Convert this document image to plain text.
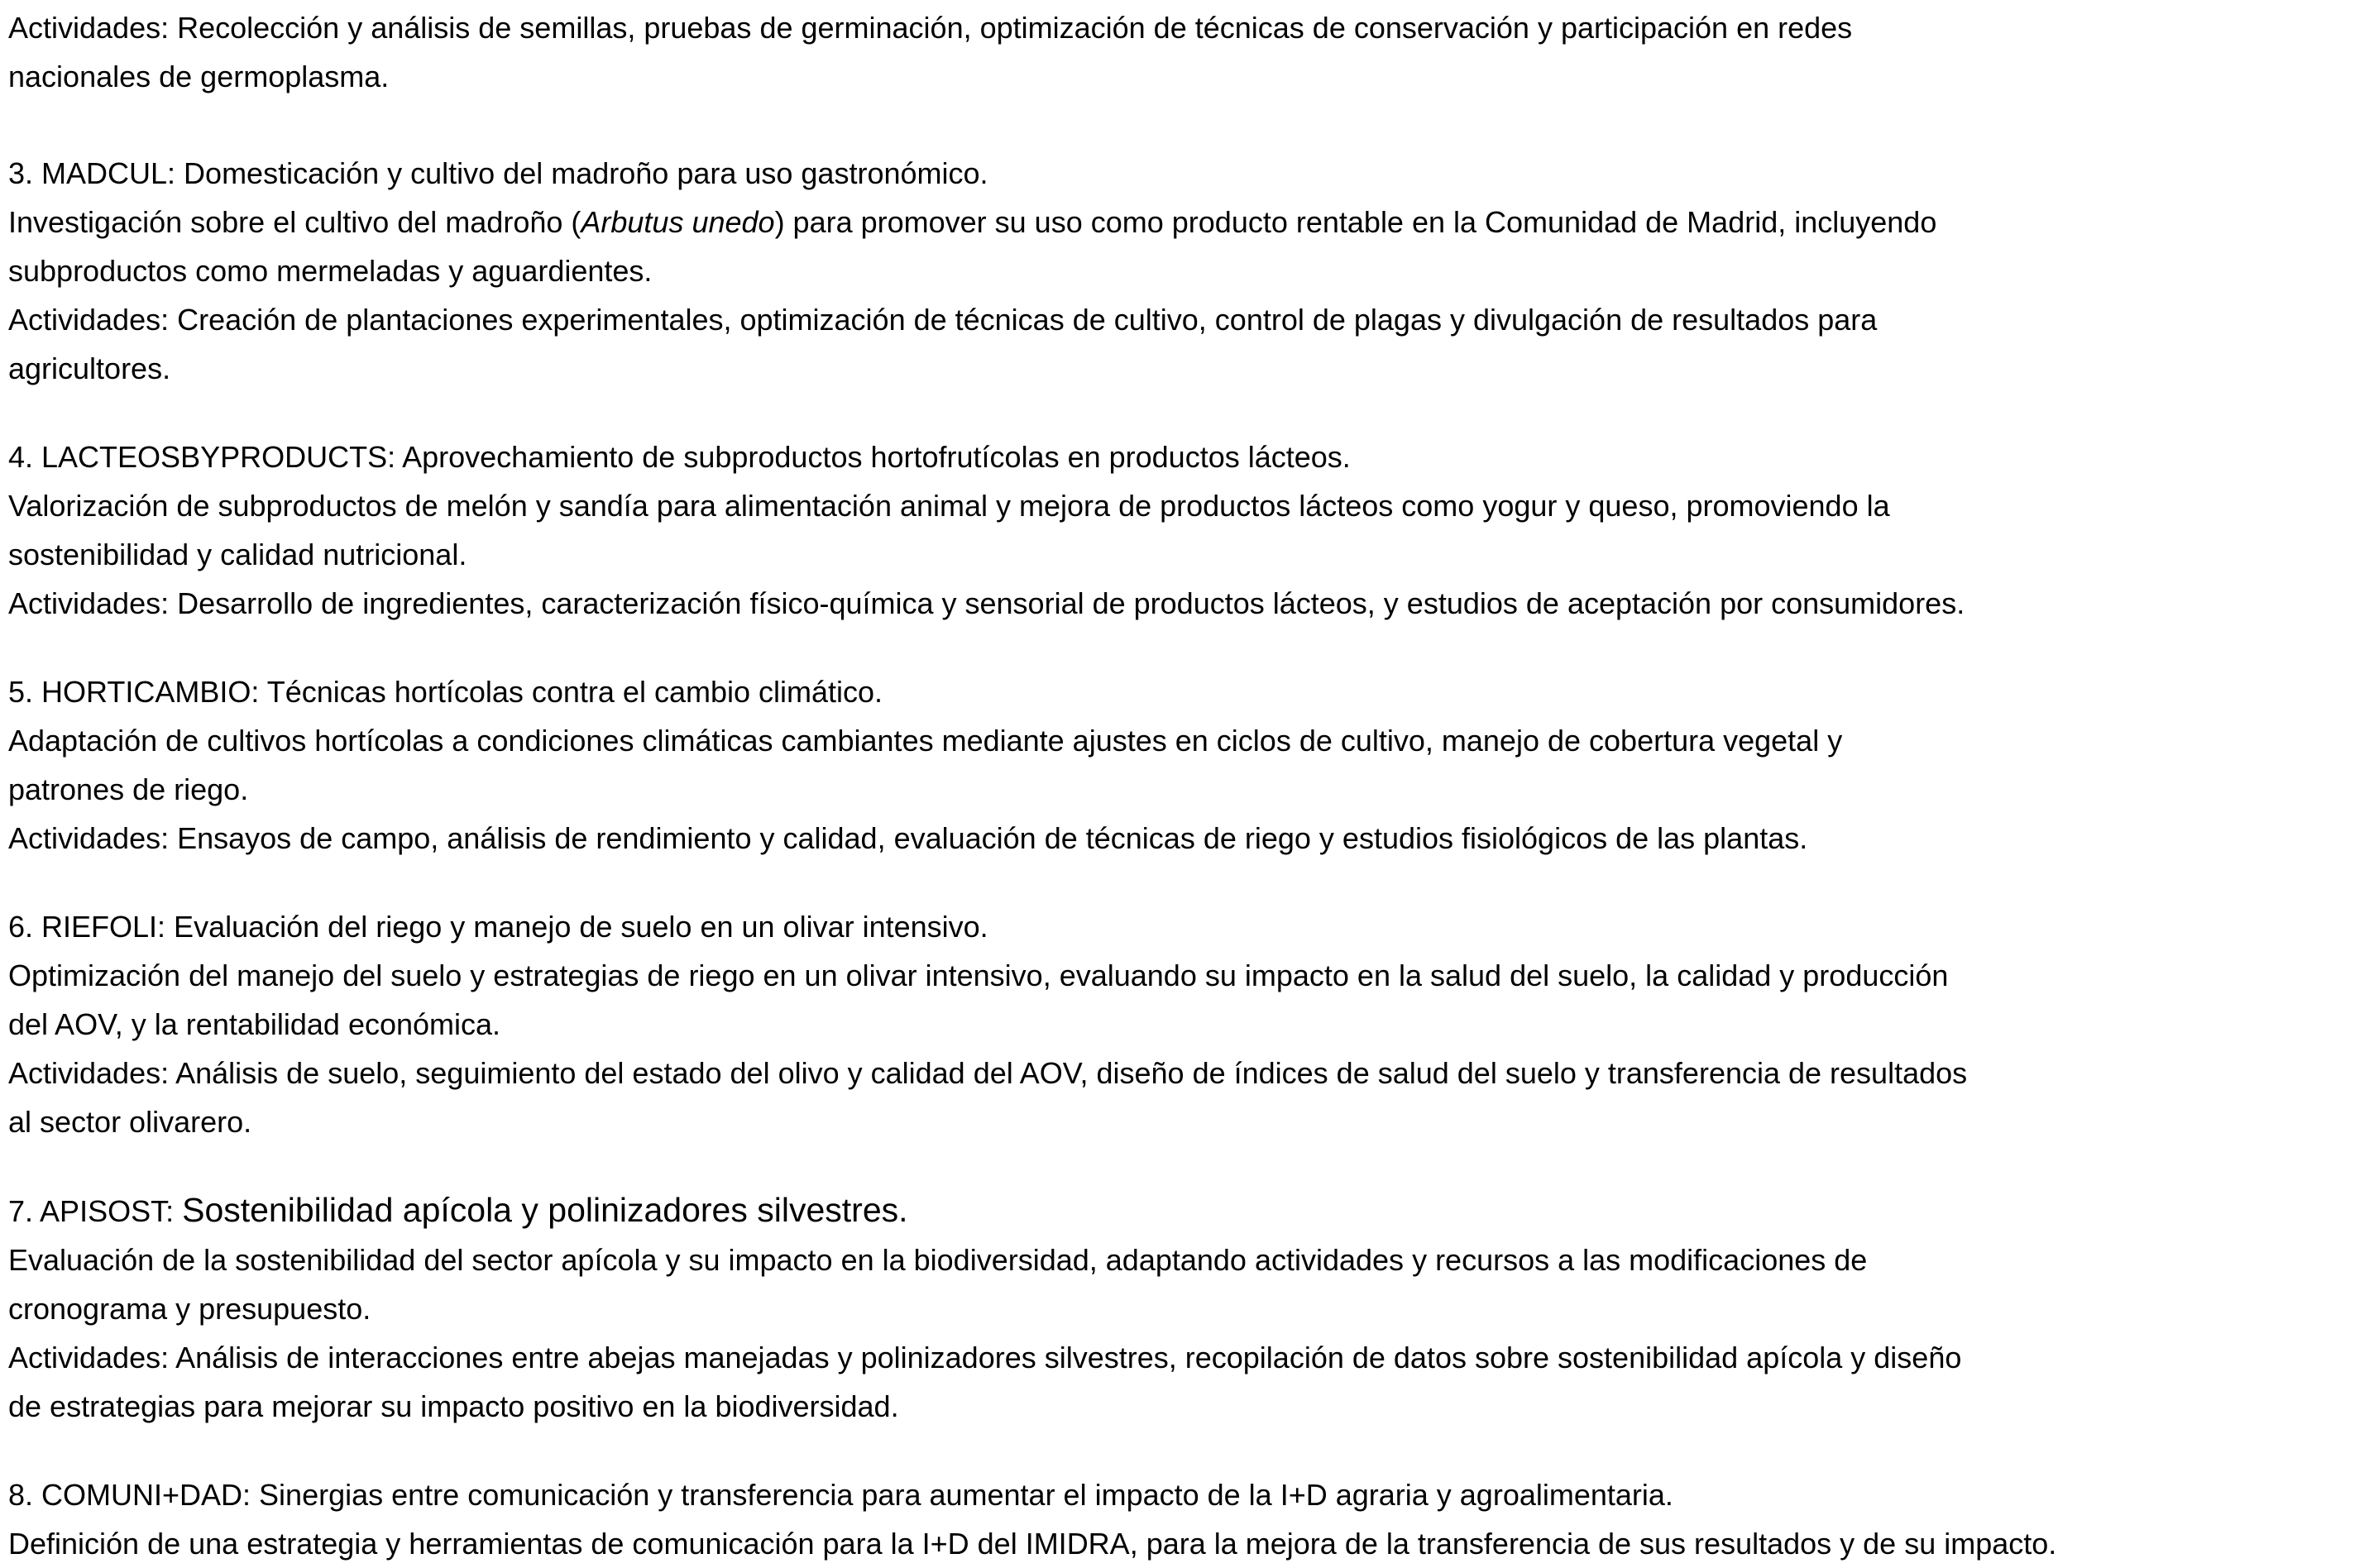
Actividades: Recolección y análisis de semillas, pruebas de germinación, optimización de técnicas de conservación y participación en redes
nacionales de germoplasma.
3. MADCUL: Domesticación y cultivo del madroño para uso gastronómico.
Investigación sobre el cultivo del madroño (Arbutus unedo) para promover su uso como producto rentable en la Comunidad de Madrid, incluyendo
subproductos como mermeladas y aguardientes.
Actividades: Creación de plantaciones experimentales, optimización de técnicas de cultivo, control de plagas y divulgación de resultados para
agricultores.
4. LACTEOSBYPRODUCTS: Aprovechamiento de subproductos hortofrutícolas en productos lácteos.
Valorización de subproductos de melón y sandía para alimentación animal y mejora de productos lácteos como yogur y queso, promoviendo la
sostenibilidad y calidad nutricional.
Actividades: Desarrollo de ingredientes, caracterización físico-química y sensorial de productos lácteos, y estudios de aceptación por consumidores.
5. HORTICAMBIO: Técnicas hortícolas contra el cambio climático.
Adaptación de cultivos hortícolas a condiciones climáticas cambiantes mediante ajustes en ciclos de cultivo, manejo de cobertura vegetal y
patrones de riego.
Actividades: Ensayos de campo, análisis de rendimiento y calidad, evaluación de técnicas de riego y estudios fisiológicos de las plantas.
6. RIEFOLI: Evaluación del riego y manejo de suelo en un olivar intensivo.
Optimización del manejo del suelo y estrategias de riego en un olivar intensivo, evaluando su impacto en la salud del suelo, la calidad y producción
del AOV, y la rentabilidad económica.
Actividades: Análisis de suelo, seguimiento del estado del olivo y calidad del AOV, diseño de índices de salud del suelo y transferencia de resultados
al sector olivarero.
7. APISOST: Sostenibilidad apícola y polinizadores silvestres.
Evaluación de la sostenibilidad del sector apícola y su impacto en la biodiversidad, adaptando actividades y recursos a las modificaciones de
cronograma y presupuesto.
Actividades: Análisis de interacciones entre abejas manejadas y polinizadores silvestres, recopilación de datos sobre sostenibilidad apícola y diseño
de estrategias para mejorar su impacto positivo en la biodiversidad.
8. COMUNI+DAD: Sinergias entre comunicación y transferencia para aumentar el impacto de la I+D agraria y agroalimentaria.
Definición de una estrategia y herramientas de comunicación para la I+D del IMIDRA, para la mejora de la transferencia de sus resultados y de su impacto.
